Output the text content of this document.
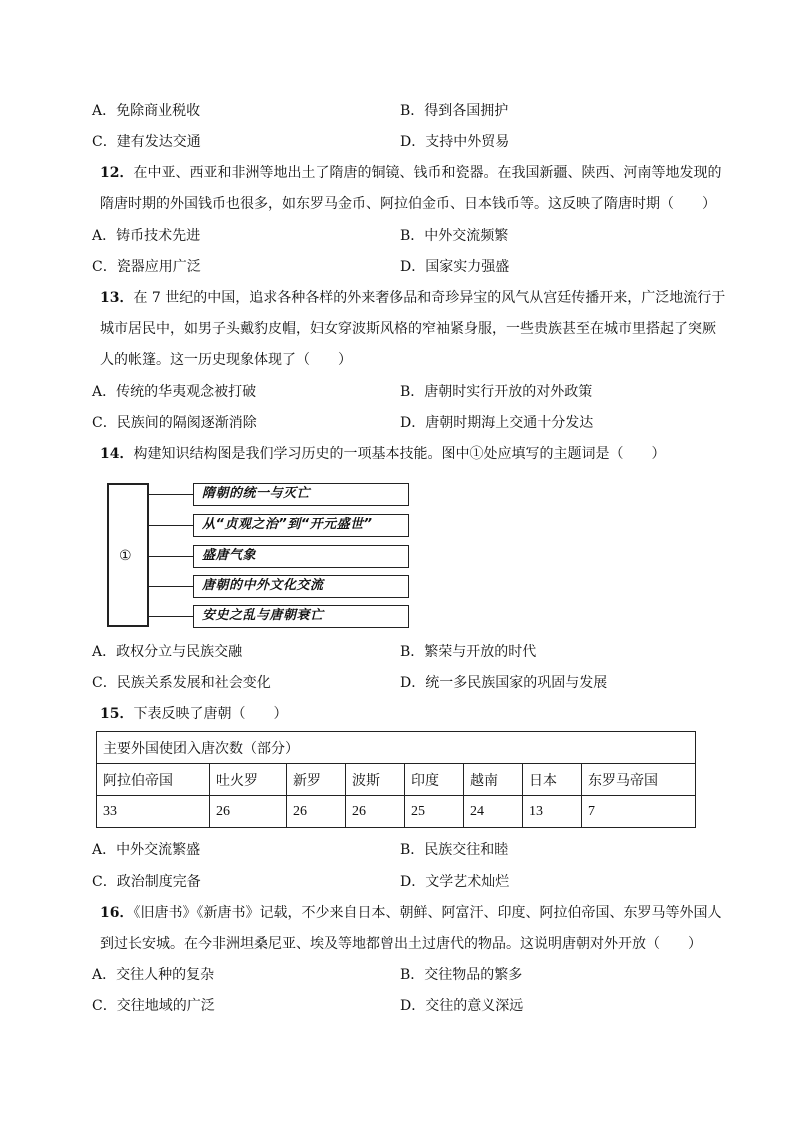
A．免除商业税收	B．得到各国拥护
C．建有发达交通	D．支持中外贸易
12．在中亚、西亚和非洲等地出土了隋唐的铜镜、钱币和瓷器。在我国新疆、陕西、河南等地发现的
隋唐时期的外国钱币也很多，如东罗马金币、阿拉伯金币、日本钱币等。这反映了隋唐时期（　　）
A．铸币技术先进	B．中外交流频繁
C．瓷器应用广泛	D．国家实力强盛
13．在 7 世纪的中国，追求各种各样的外来奢侈品和奇珍异宝的风气从宫廷传播开来，广泛地流行于
城市居民中，如男子头戴豹皮帽，妇女穿波斯风格的窄袖紧身服，一些贵族甚至在城市里搭起了突厥
人的帐篷。这一历史现象体现了（　　）
A．传统的华夷观念被打破	B．唐朝时实行开放的对外政策
C．民族间的隔阂逐渐消除	D．唐朝时期海上交通十分发达
14．构建知识结构图是我们学习历史的一项基本技能。图中①处应填写的主题词是（　　）
①
隋朝的统一与灭亡
从“贞观之治”到“开元盛世”
盛唐气象
唐朝的中外文化交流
安史之乱与唐朝衰亡
A．政权分立与民族交融	B．繁荣与开放的时代
C．民族关系发展和社会变化	D．统一多民族国家的巩固与发展
15．下表反映了唐朝（　　）
主要外国使团入唐次数（部分）							
阿拉伯帝国	吐火罗	新罗	波斯	印度	越南	日本	东罗马帝国
33	26	26	26	25	24	13	7
A．中外交流繁盛	B．民族交往和睦
C．政治制度完备	D．文学艺术灿烂
16．《旧唐书》《新唐书》记载，不少来自日本、朝鲜、阿富汗、印度、阿拉伯帝国、东罗马等外国人
到过长安城。在今非洲坦桑尼亚、埃及等地都曾出土过唐代的物品。这说明唐朝对外开放（　　）
A．交往人种的复杂	B．交往物品的繁多
C．交往地域的广泛	D．交往的意义深远
